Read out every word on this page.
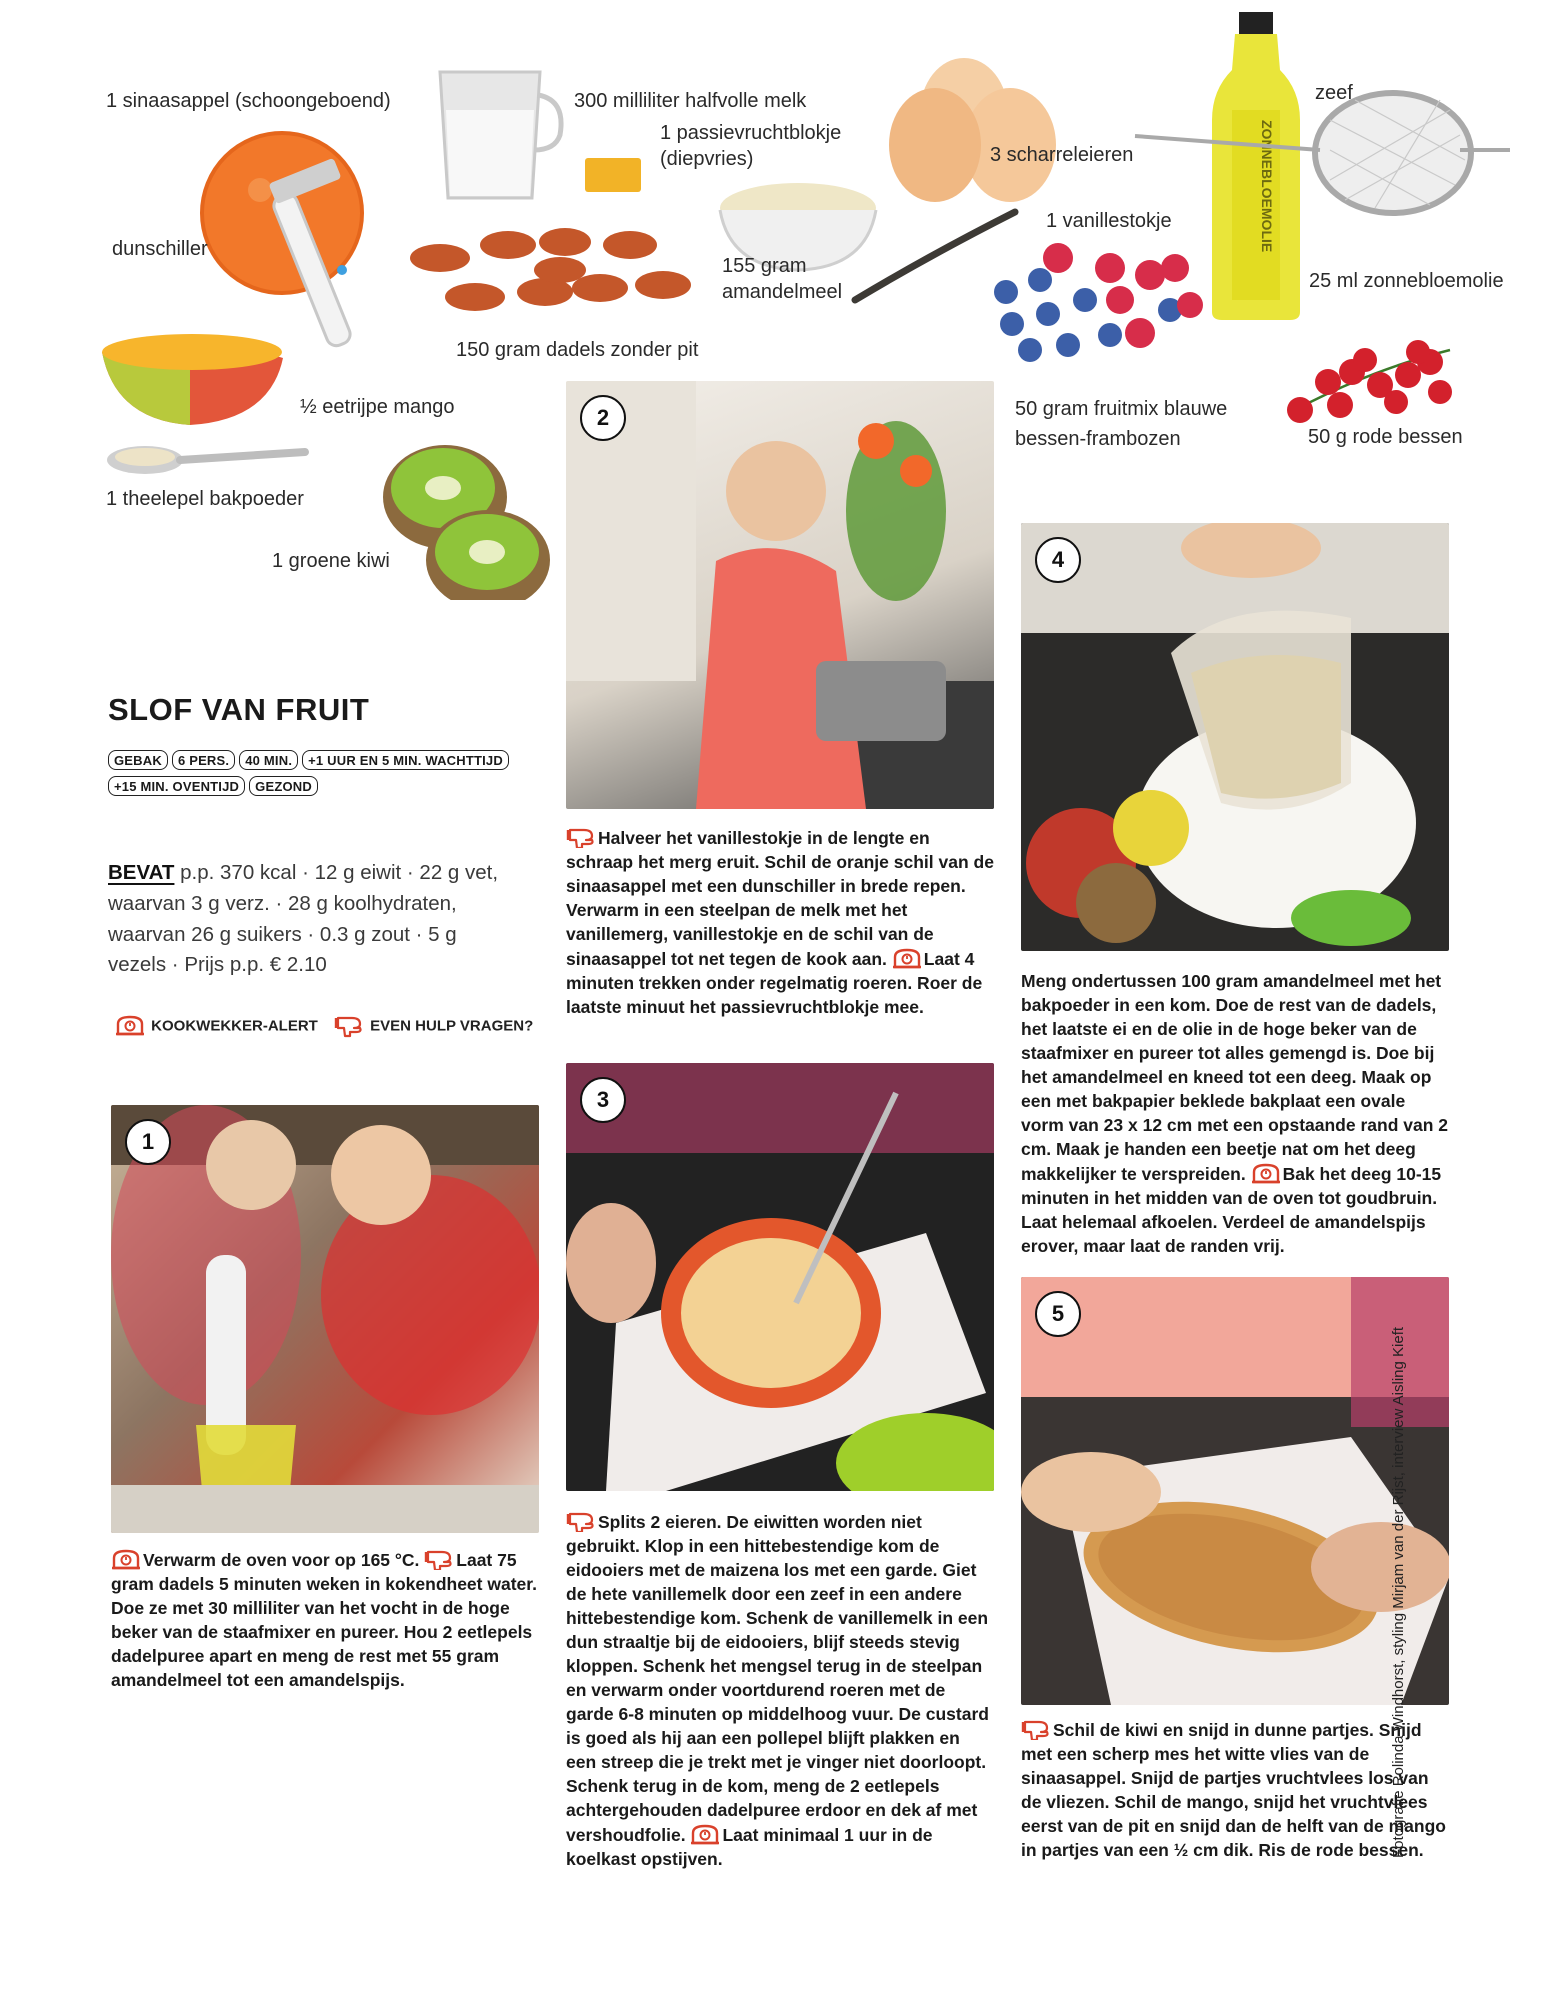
ZONNEBLOEMOLIE
1 sinaasappel (schoongeboend)	300 milliliter halfvolle melk
1 passievruchtblokje (diepvries)	3 scharreleieren
zeef
dunschiller
1 vanillestokje
155 gram amandelmeel	25 ml zonnebloemolie
150 gram dadels zonder pit
½ eetrijpe mango	50 gram fruitmix blauwe bessen-frambozen	50 g rode bessen
1 theelepel bakpoeder
1 groene kiwi
SLOF VAN FRUIT
GEBAK 6 PERS. 40 MIN. +1 UUR EN 5 MIN. WACHTTIJD
+15 MIN. OVENTIJD GEZOND
BEVAT p.p. 370 kcal · 12 g eiwit · 22 g vet, waarvan 3 g verz. · 28 g koolhydraten, waarvan 26 g suikers · 0.3 g zout · 5 g vezels · Prijs p.p. € 2.10
KOOKWEKKER-ALERT	EVEN HULP VRAGEN?
1
2
3
4
5
Verwarm de oven voor op 165 °C. Laat 75 gram dadels 5 minuten weken in kokendheet water. Doe ze met 30 milliliter van het vocht in de hoge beker van de staafmixer en pureer. Hou 2 eetlepels dadelpuree apart en meng de rest met 55 gram amandelmeel tot een amandelspijs.
Halveer het vanillestokje in de lengte en schraap het merg eruit. Schil de oranje schil van de sinaasappel met een dunschiller in brede repen. Verwarm in een steelpan de melk met het vanillemerg, vanillestokje en de schil van de sinaasappel tot net tegen de kook aan. Laat 4 minuten trekken onder regelmatig roeren. Roer de laatste minuut het passievruchtblokje mee.
Splits 2 eieren. De eiwitten worden niet gebruikt. Klop in een hittebestendige kom de eidooiers met de maizena los met een garde. Giet de hete vanillemelk door een zeef in een andere hittebestendige kom. Schenk de vanillemelk in een dun straaltje bij de eidooiers, blijf steeds stevig kloppen. Schenk het mengsel terug in de steelpan en verwarm onder voortdurend roeren met de garde 6-8 minuten op middelhoog vuur. De custard is goed als hij aan een pollepel blijft plakken en een streep die je trekt met je vinger niet doorloopt. Schenk terug in de kom, meng de 2 eetlepels achtergehouden dadelpuree erdoor en dek af met vershoudfolie. Laat minimaal 1 uur in de koelkast opstijven.
Meng ondertussen 100 gram amandelmeel met het bakpoeder in een kom. Doe de rest van de dadels, het laatste ei en de olie in de hoge beker van de staafmixer en pureer tot alles gemengd is. Doe bij het amandelmeel en kneed tot een deeg. Maak op een met bakpapier beklede bakplaat een ovale vorm van 23 x 12 cm met een opstaande rand van 2 cm. Maak je handen een beetje nat om het deeg makkelijker te verspreiden. Bak het deeg 10-15 minuten in het midden van de oven tot goudbruin. Laat helemaal afkoelen. Verdeel de amandelspijs erover, maar laat de randen vrij.
Schil de kiwi en snijd in dunne partjes. Snijd met een scherp mes het witte vlies van de sinaasappel. Snijd de partjes vruchtvlees los van de vliezen. Schil de mango, snijd het vruchtvlees eerst van de pit en snijd dan de helft van de mango in partjes van een ½ cm dik. Ris de rode bessen.
Fotografie Rolinda Windhorst, styling Mirjam van der Rijst, interview Aisling Kieft
